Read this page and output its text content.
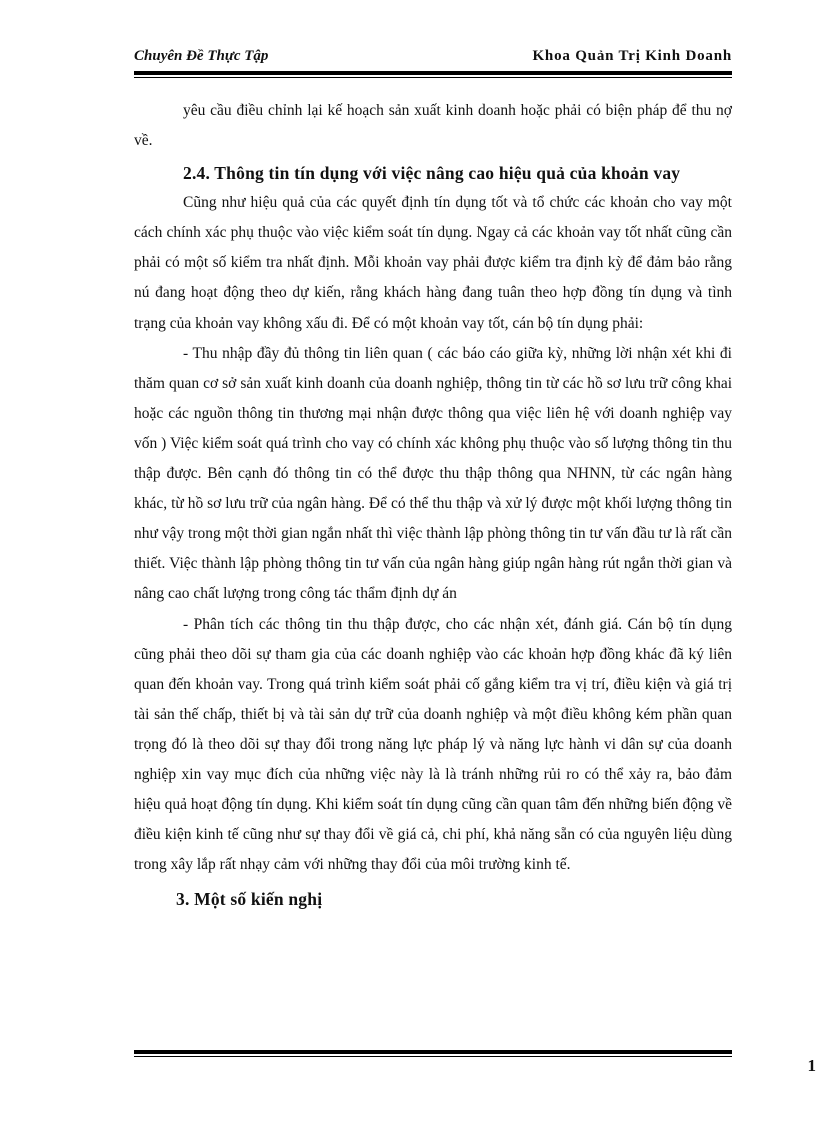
Chuyên Đề Thực Tập	Khoa Quản Trị Kinh Doanh

yêu cầu điều chỉnh lại kế hoạch sản xuất kinh doanh hoặc phải có biện pháp để thu nợ về.

2.4. Thông tin tín dụng với việc nâng cao hiệu quả của khoản vay

Cũng như hiệu quả của các quyết định tín dụng tốt và tổ chức các khoản cho vay một cách chính xác phụ thuộc vào việc kiểm soát tín dụng. Ngay cả các khoản vay tốt nhất cũng cần phải có một số kiểm tra nhất định. Mỗi khoản vay phải được kiểm tra định kỳ để đảm bảo rằng nú đang hoạt động theo dự kiến, rằng khách hàng đang tuân theo hợp đồng tín dụng và tình trạng của khoản vay không xấu đi. Để có một khoản vay tốt, cán bộ tín dụng phải:

- Thu nhập đầy đủ thông tin liên quan ( các báo cáo giữa kỳ, những lời nhận xét khi đi thăm quan cơ sở sản xuất kinh doanh của doanh nghiệp, thông tin từ các hồ sơ lưu trữ công khai hoặc các nguồn thông tin thương mại nhận được thông qua việc liên hệ với doanh nghiệp vay vốn ) Việc kiểm soát quá trình cho vay có chính xác không phụ thuộc vào số lượng thông tin thu thập được. Bên cạnh đó thông tin có thể được thu thập thông qua NHNN, từ các ngân hàng khác, từ hồ sơ lưu trữ của ngân hàng. Để có thể thu thập và xử lý được một khối lượng thông tin như vậy trong một thời gian ngắn nhất thì việc thành lập phòng thông tin tư vấn đầu tư là rất cần thiết. Việc thành lập phòng thông tin tư vấn của ngân hàng giúp ngân hàng rút ngắn thời gian và nâng cao chất lượng trong công tác thẩm định dự án

- Phân tích các thông tin thu thập được, cho các nhận xét, đánh giá. Cán bộ tín dụng cũng phải theo dõi sự tham gia của các doanh nghiệp vào các khoản hợp đồng khác đã ký liên quan đến khoản vay. Trong quá trình kiểm soát phải cố gắng kiểm tra vị trí, điều kiện và giá trị tài sản thế chấp, thiết bị và tài sản dự trữ của doanh nghiệp và một điều không kém phần quan trọng đó là theo dõi sự thay đổi trong năng lực pháp lý và năng lực hành vi dân sự của doanh nghiệp xin vay mục đích của những việc này là là tránh những rủi ro có thể xảy ra, bảo đảm hiệu quả hoạt động tín dụng. Khi kiểm soát tín dụng cũng cần quan tâm đến những biến động về điều kiện kinh tế cũng như sự thay đổi về giá cả, chi phí, khả năng sẵn có của nguyên liệu dùng trong xây lắp rất nhạy cảm với những thay đổi của môi trường kinh tế.

3. Một số kiến nghị
1
